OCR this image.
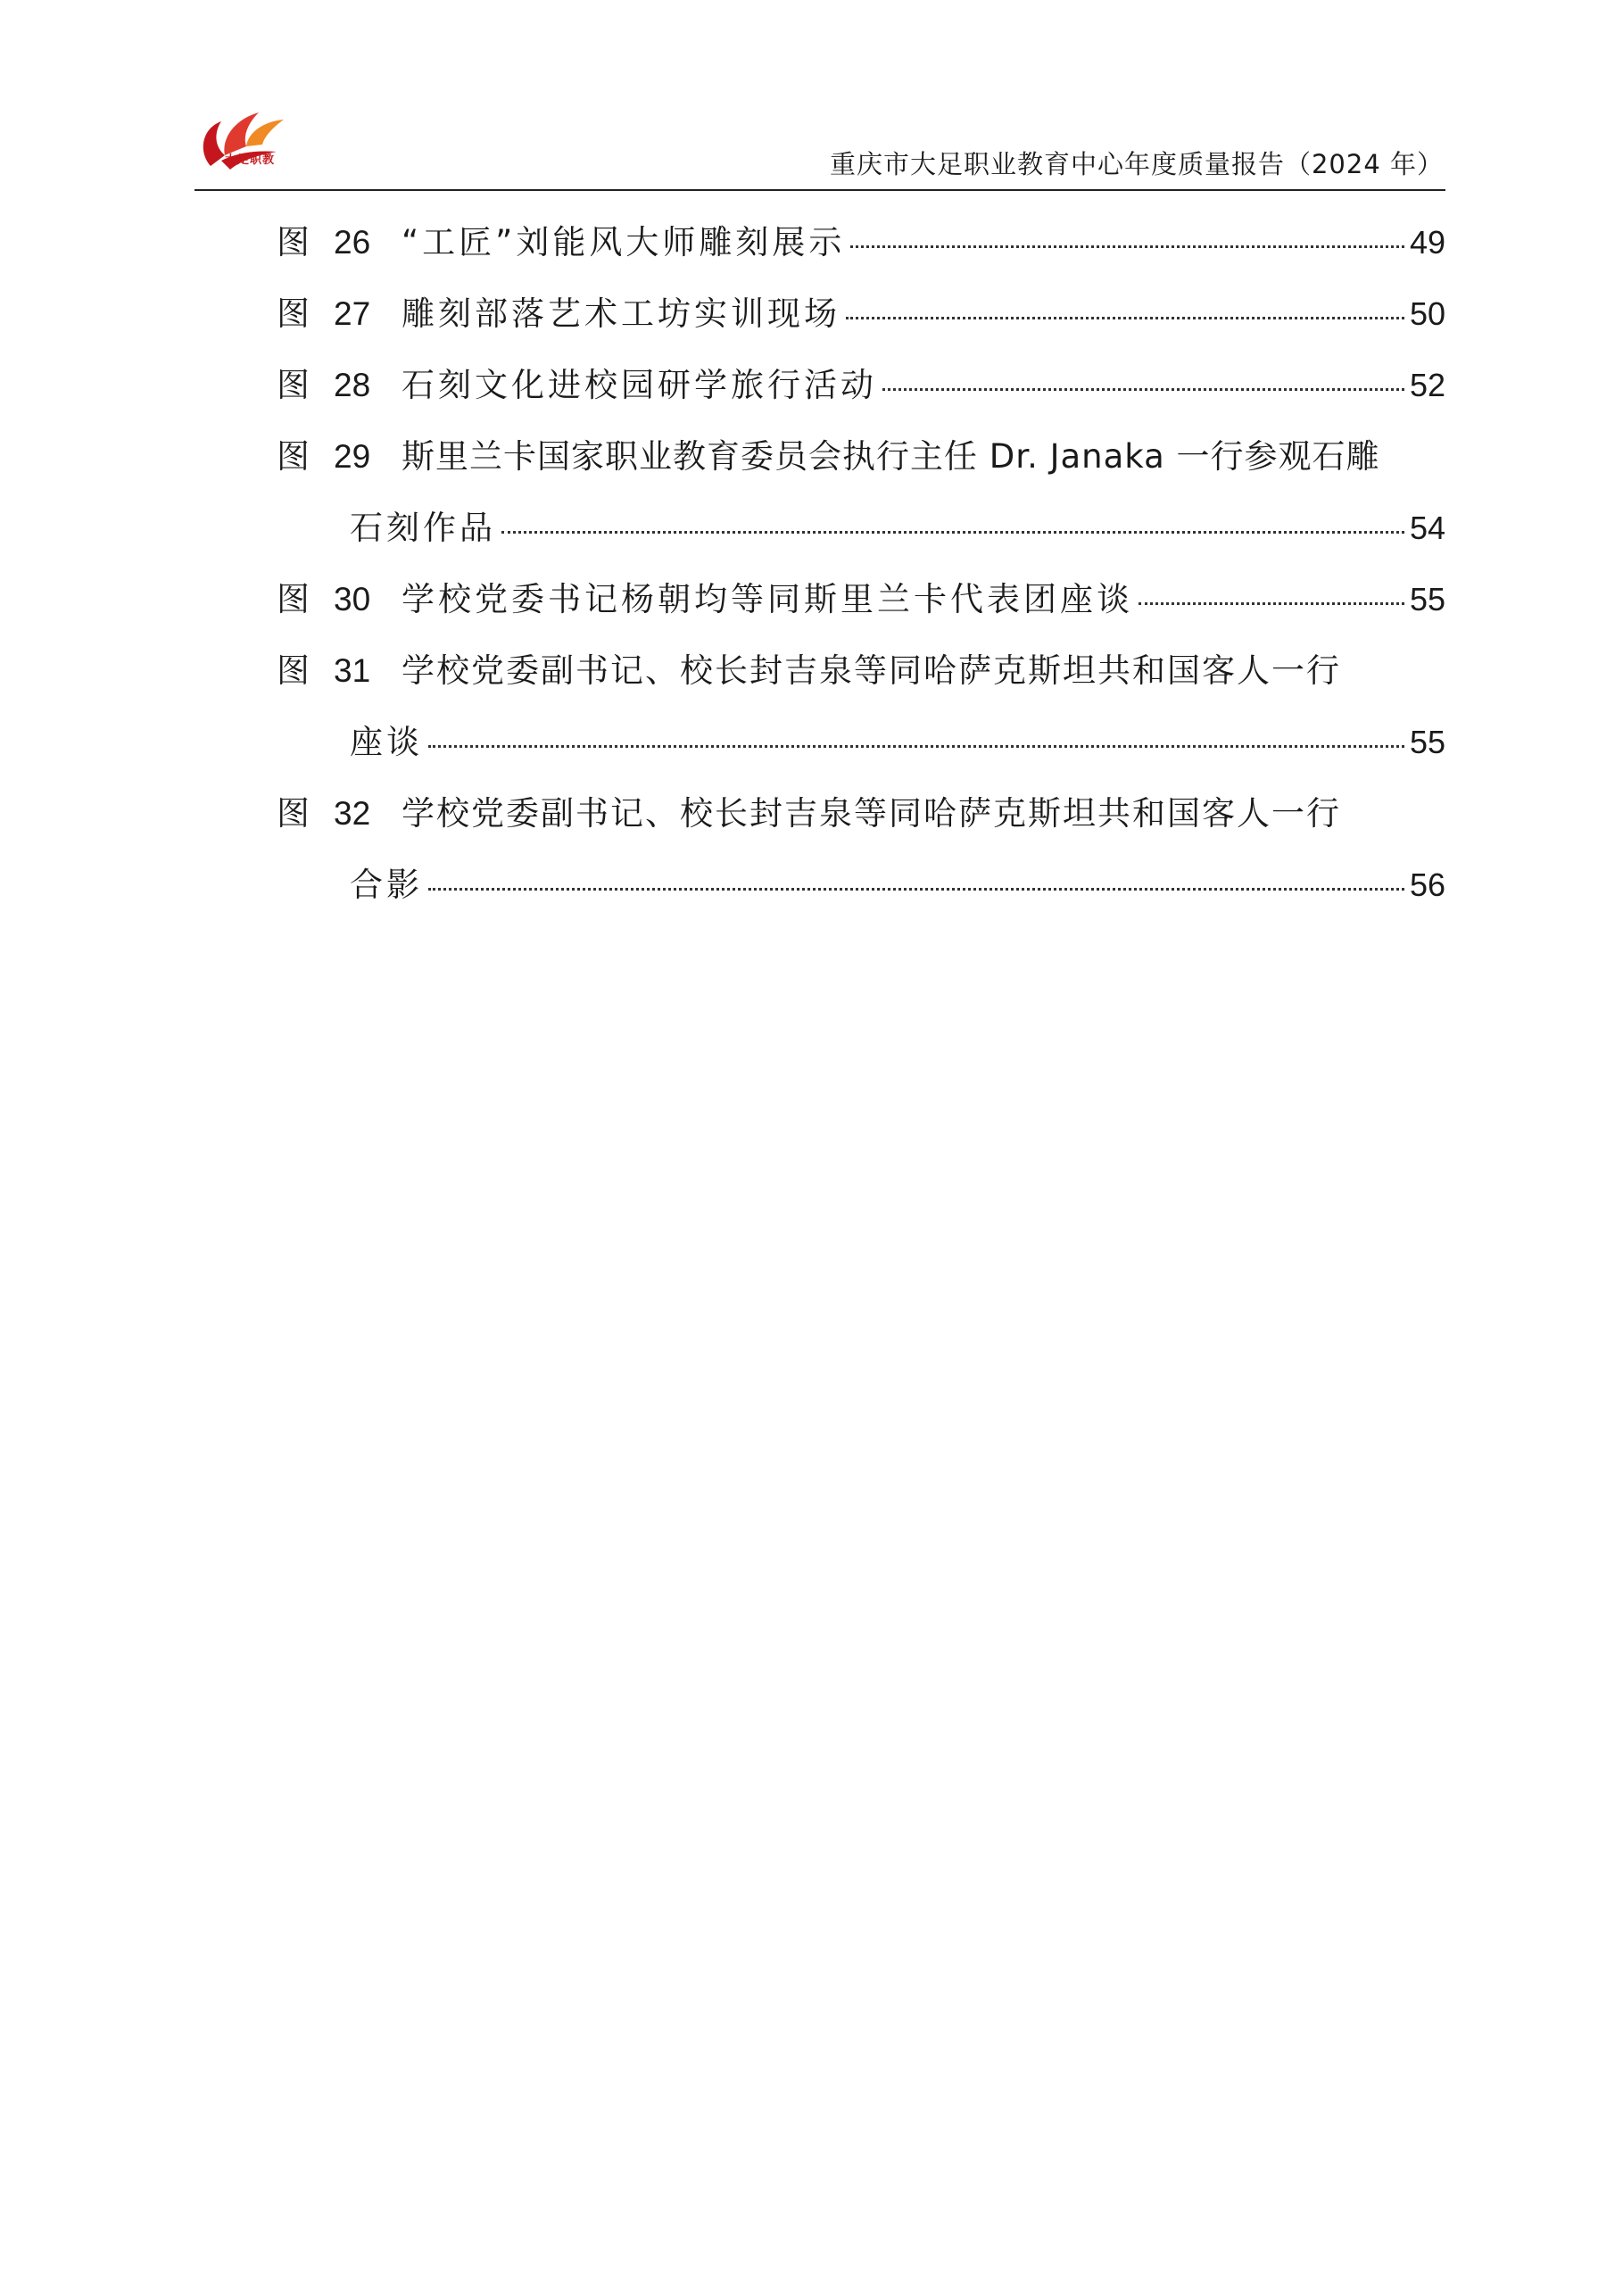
大足职教	重庆市大足职业教育中心年度质量报告（2024 年）
图 26 “工匠”刘能风大师雕刻展示	49
图 27 雕刻部落艺术工坊实训现场	50
图 28 石刻文化进校园研学旅行活动	52
图 29 斯里兰卡国家职业教育委员会执行主任 Dr. Janaka 一行参观石雕
石刻作品	54
图 30 学校党委书记杨朝均等同斯里兰卡代表团座谈	55
图 31 学校党委副书记、校长封吉泉等同哈萨克斯坦共和国客人一行
座谈	55
图 32 学校党委副书记、校长封吉泉等同哈萨克斯坦共和国客人一行
合影	56
